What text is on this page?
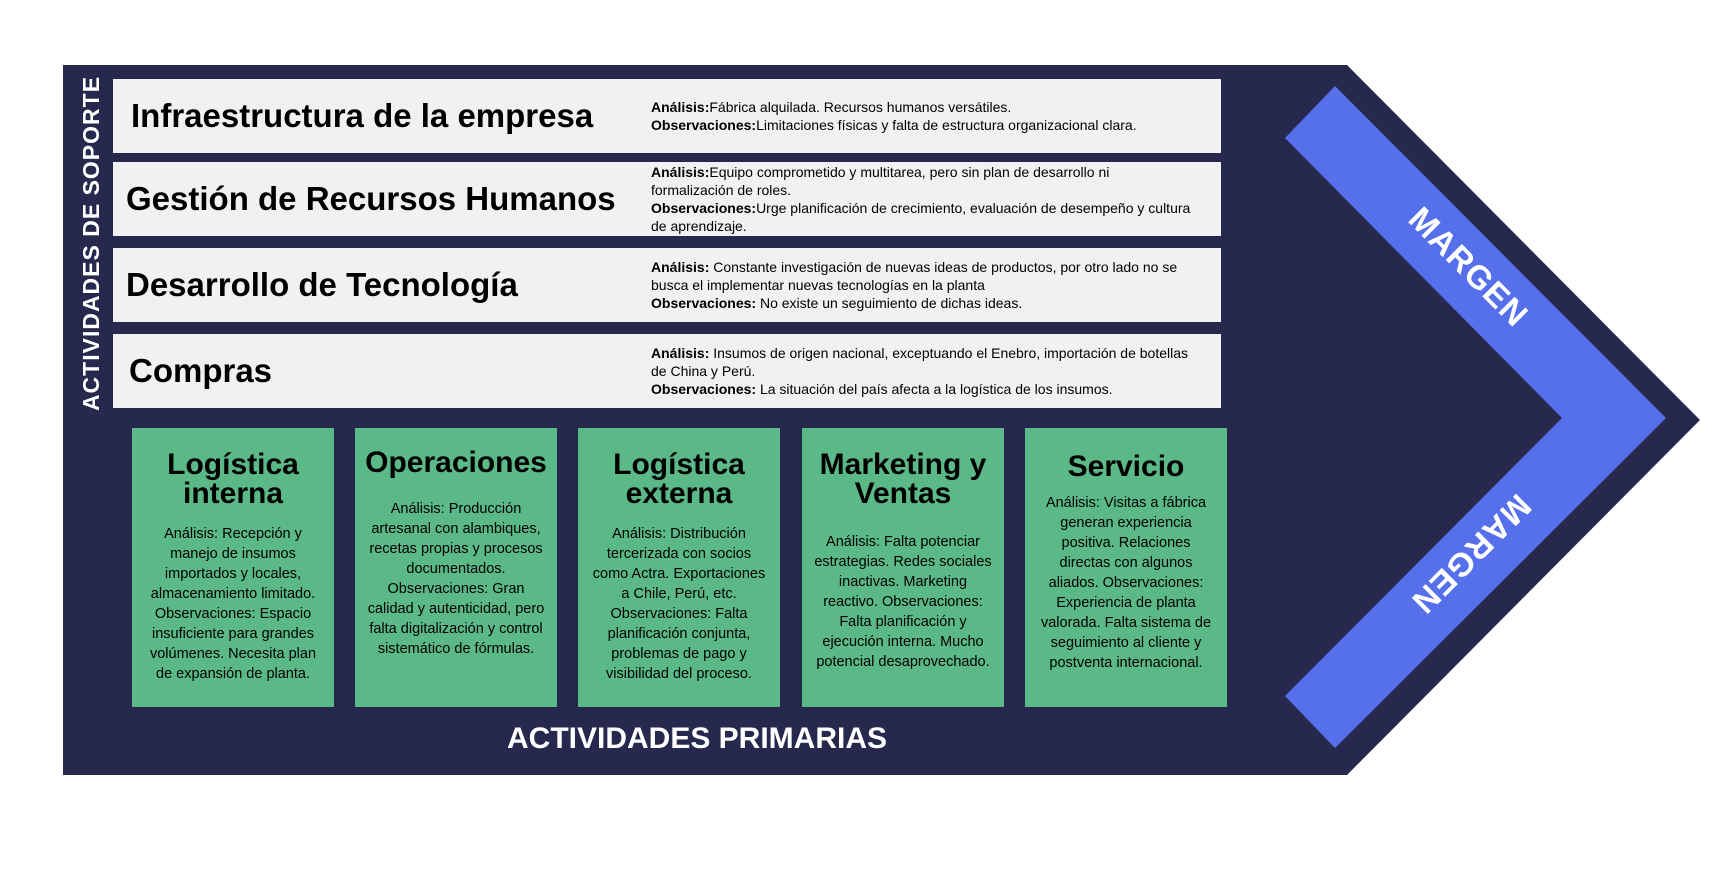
ACTIVIDADES DE SOPORTE Infraestructura de la empresa	Análisis:Fábrica alquilada. Recursos humanos versátiles.
Observaciones:Limitaciones físicas y falta de estructura organizacional clara.
Gestión de Recursos Humanos
Análisis:Equipo comprometido y multitarea, pero sin plan de desarrollo ni formalización de roles.
Observaciones:Urge planificación de crecimiento, evaluación de desempeño y cultura de aprendizaje.
Desarrollo de Tecnología	Análisis: Constante investigación de nuevas ideas de productos, por otro lado no se busca el implementar nuevas tecnologías en la planta
Observaciones: No existe un seguimiento de dichas ideas.
Compras	Análisis: Insumos de origen nacional, exceptuando el Enebro, importación de botellas de China y Perú.
Observaciones: La situación del país afecta a la logística de los insumos.
Logística interna
Análisis: Recepción y manejo de insumos importados y locales, almacenamiento limitado. Observaciones: Espacio insuficiente para grandes volúmenes. Necesita plan de expansión de planta.
Operaciones
Análisis: Producción artesanal con alambiques, recetas propias y procesos documentados. Observaciones: Gran calidad y autenticidad, pero falta digitalización y control sistemático de fórmulas.
Logística externa
Análisis: Distribución tercerizada con socios como Actra. Exportaciones a Chile, Perú, etc. Observaciones: Falta planificación conjunta, problemas de pago y visibilidad del proceso.
Marketing y Ventas
Análisis: Falta potenciar estrategias. Redes sociales inactivas. Marketing reactivo. Observaciones: Falta planificación y ejecución interna. Mucho potencial desaprovechado.
Servicio
Análisis: Visitas a fábrica generan experiencia positiva. Relaciones directas con algunos aliados. Observaciones: Experiencia de planta valorada. Falta sistema de seguimiento al cliente y postventa internacional.
ACTIVIDADES PRIMARIAS
MARGEN
MARGEN
